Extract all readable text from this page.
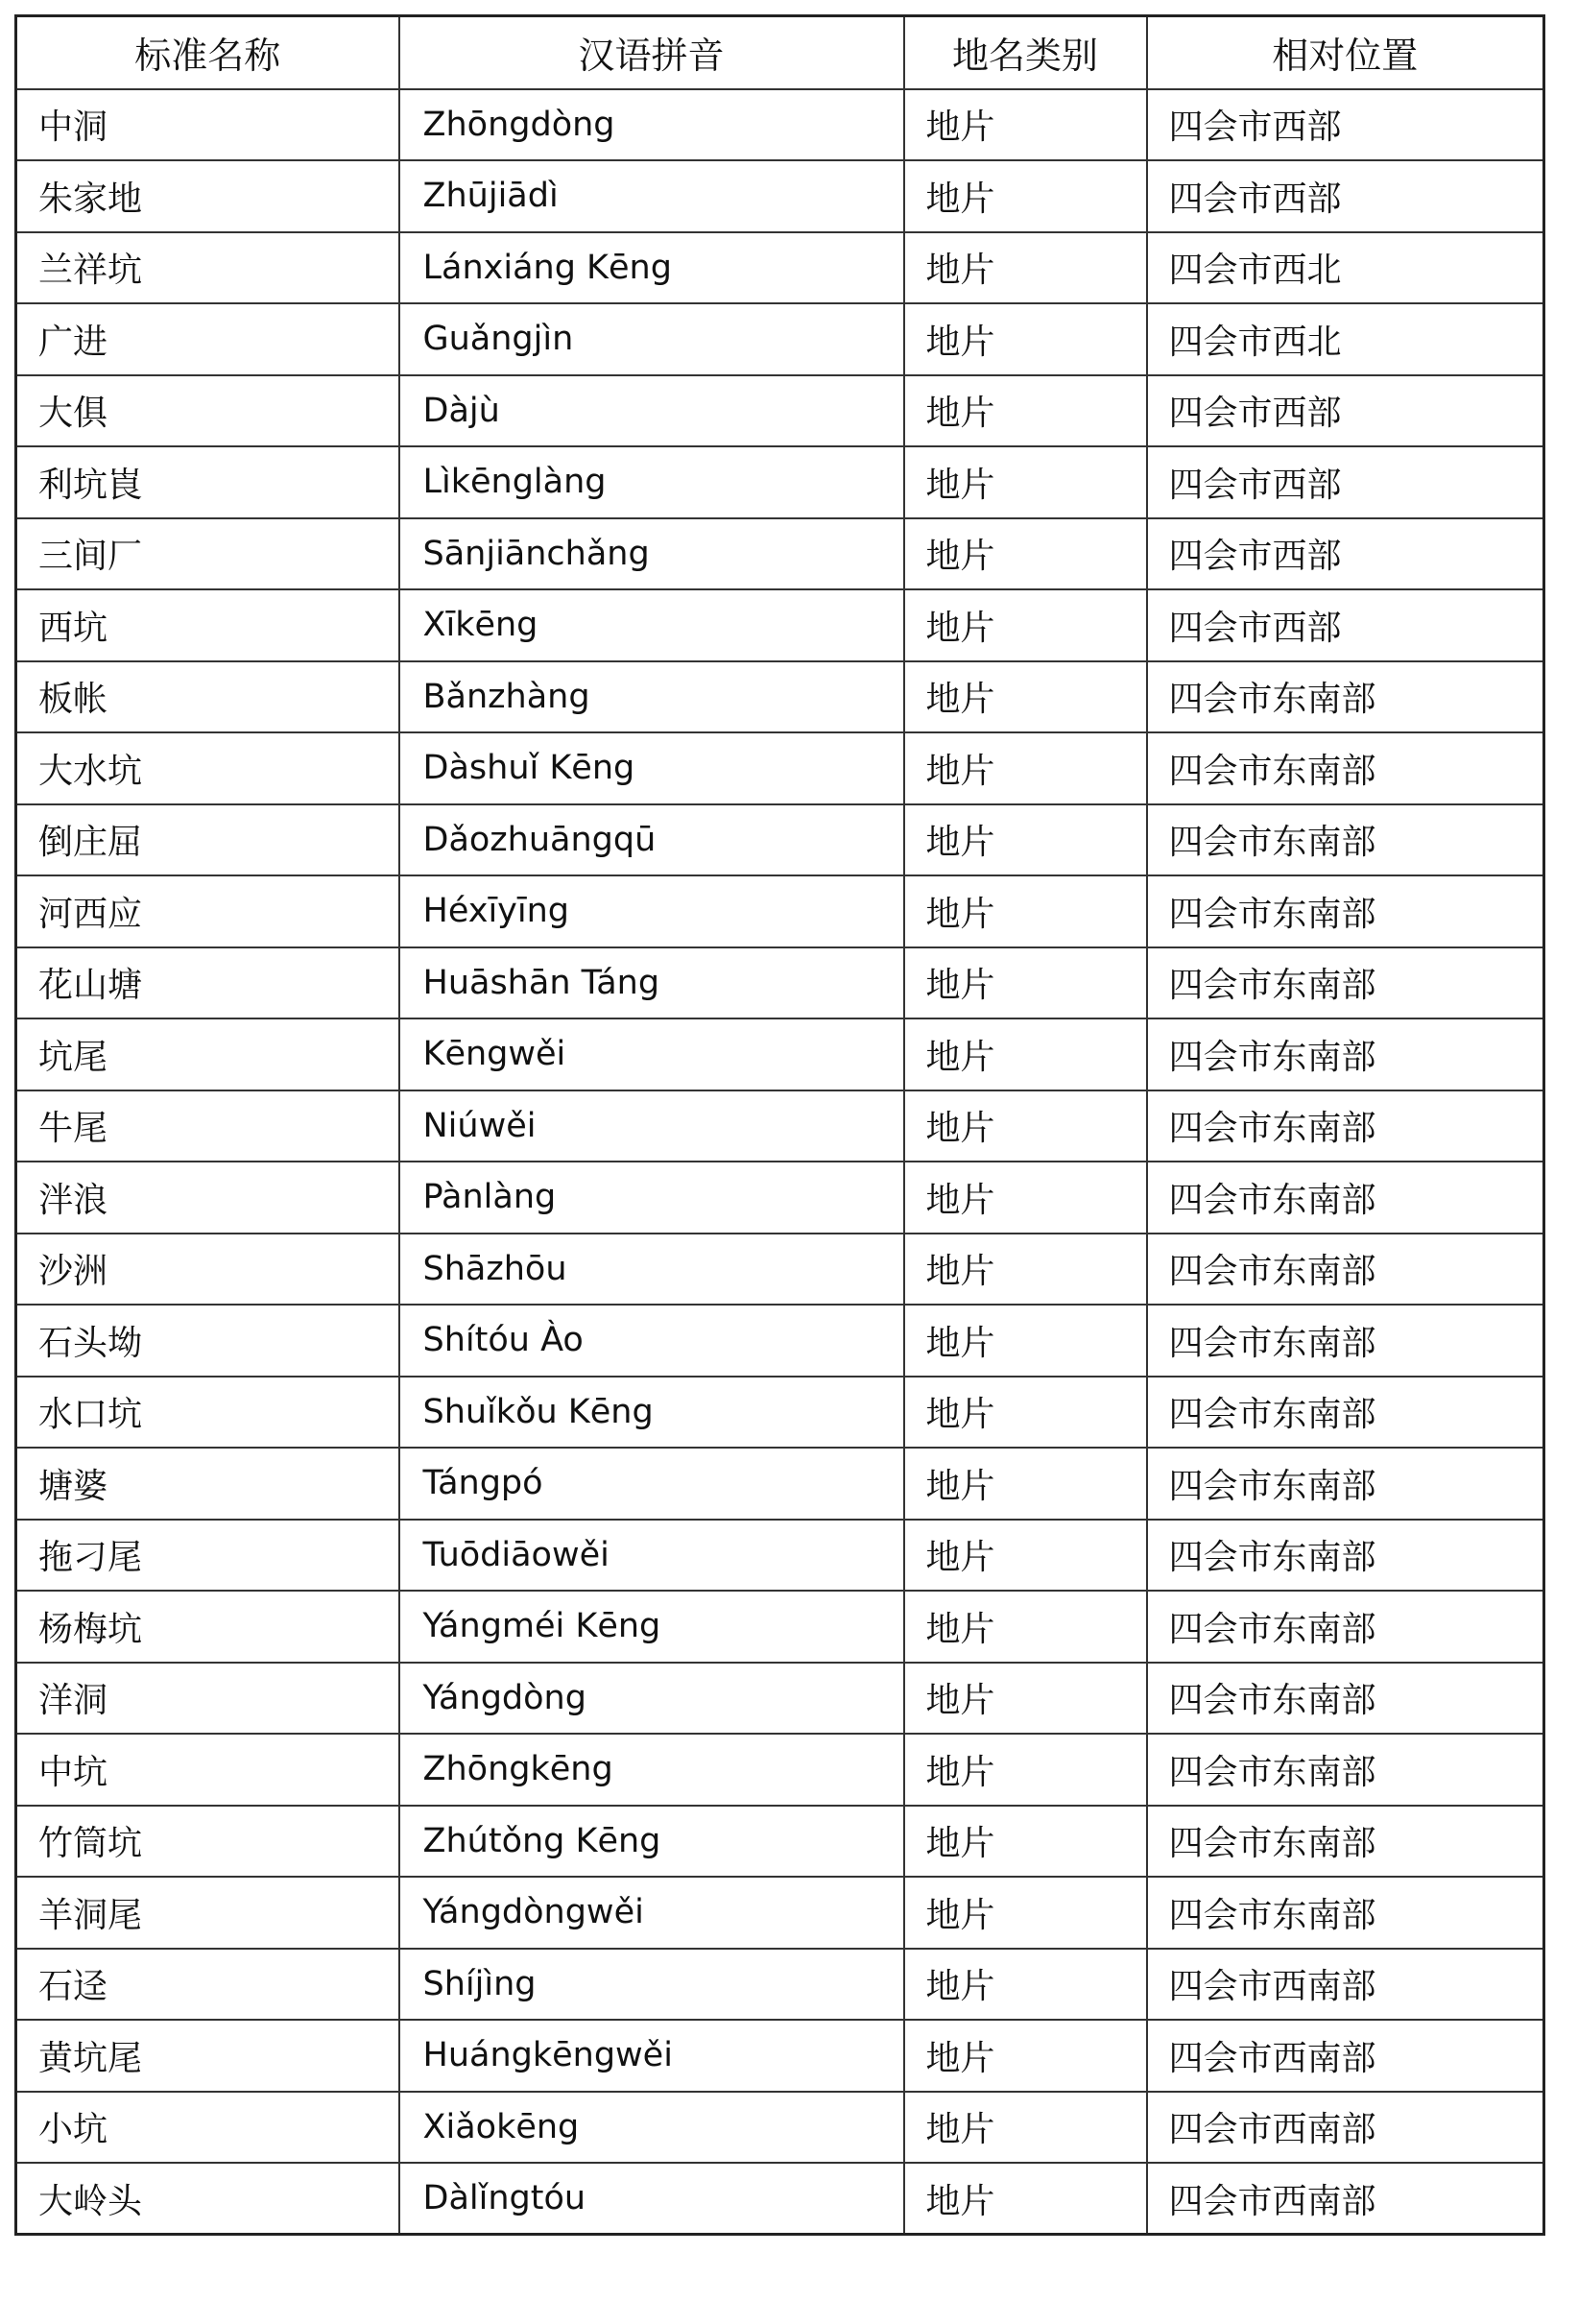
标准名称	汉语拼音	地名类别	相对位置
中洞	Zhōngdòng	地片	四会市西部
朱家地	Zhūjiādì	地片	四会市西部
兰祥坑	Lánxiáng Kēng	地片	四会市西北
广进	Guǎngjìn	地片	四会市西北
大俱	Dàjù	地片	四会市西部
利坑崀	Lìkēnglàng	地片	四会市西部
三间厂	Sānjiānchǎng	地片	四会市西部
西坑	Xīkēng	地片	四会市西部
板帐	Bǎnzhàng	地片	四会市东南部
大水坑	Dàshuǐ Kēng	地片	四会市东南部
倒庄屈	Dǎozhuāngqū	地片	四会市东南部
河西应	Héxīyīng	地片	四会市东南部
花山塘	Huāshān Táng	地片	四会市东南部
坑尾	Kēngwěi	地片	四会市东南部
牛尾	Niúwěi	地片	四会市东南部
泮浪	Pànlàng	地片	四会市东南部
沙洲	Shāzhōu	地片	四会市东南部
石头坳	Shítóu Ào	地片	四会市东南部
水口坑	Shuǐkǒu Kēng	地片	四会市东南部
塘婆	Tángpó	地片	四会市东南部
拖刁尾	Tuōdiāowěi	地片	四会市东南部
杨梅坑	Yángméi Kēng	地片	四会市东南部
洋洞	Yángdòng	地片	四会市东南部
中坑	Zhōngkēng	地片	四会市东南部
竹筒坑	Zhútǒng Kēng	地片	四会市东南部
羊洞尾	Yángdòngwěi	地片	四会市东南部
石迳	Shíjìng	地片	四会市西南部
黄坑尾	Huángkēngwěi	地片	四会市西南部
小坑	Xiǎokēng	地片	四会市西南部
大岭头	Dàlǐngtóu	地片	四会市西南部
